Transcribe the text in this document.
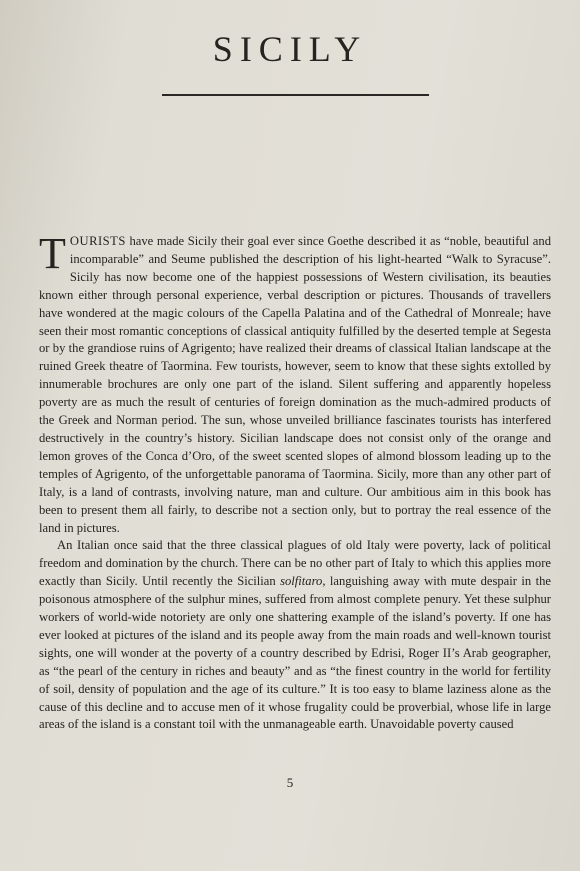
SICILY

TOURISTS have made Sicily their goal ever since Goethe described it as “noble, beautiful and incomparable” and Seume published the description of his light-hearted “Walk to Syracuse”. Sicily has now become one of the happiest possessions of Western civilisation, its beauties known either through personal experience, verbal description or pictures. Thousands of travellers have wondered at the magic colours of the Capella Palatina and of the Cathedral of Monreale; have seen their most romantic conceptions of classical antiquity fulfilled by the deserted temple at Segesta or by the grandiose ruins of Agrigento; have realized their dreams of classical Italian landscape at the ruined Greek theatre of Taormina. Few tourists, however, seem to know that these sights extolled by innumerable brochures are only one part of the island. Silent suffering and apparently hopeless poverty are as much the result of centuries of foreign domination as the much-admired products of the Greek and Norman period. The sun, whose unveiled brilliance fascinates tourists has interfered destructively in the country’s history. Sicilian landscape does not consist only of the orange and lemon groves of the Conca d’Oro, of the sweet scented slopes of almond blossom leading up to the temples of Agrigento, of the unforgettable panorama of Taormina. Sicily, more than any other part of Italy, is a land of contrasts, involving nature, man and culture. Our ambitious aim in this book has been to present them all fairly, to describe not a section only, but to portray the real essence of the land in pictures.

An Italian once said that the three classical plagues of old Italy were poverty, lack of political freedom and domination by the church. There can be no other part of Italy to which this applies more exactly than Sicily. Until recently the Sicilian solfitaro, languishing away with mute despair in the poisonous atmosphere of the sulphur mines, suffered from almost complete penury. Yet these sulphur workers of world-wide notoriety are only one shattering example of the island’s poverty. If one has ever looked at pictures of the island and its people away from the main roads and well-known tourist sights, one will wonder at the poverty of a country described by Edrisi, Roger II’s Arab geographer, as “the pearl of the century in riches and beauty” and as “the finest country in the world for fertility of soil, density of population and the age of its culture.” It is too easy to blame laziness alone as the cause of this decline and to accuse men of it whose frugality could be proverbial, whose life in large areas of the island is a constant toil with the unmanageable earth. Unavoidable poverty caused

5
